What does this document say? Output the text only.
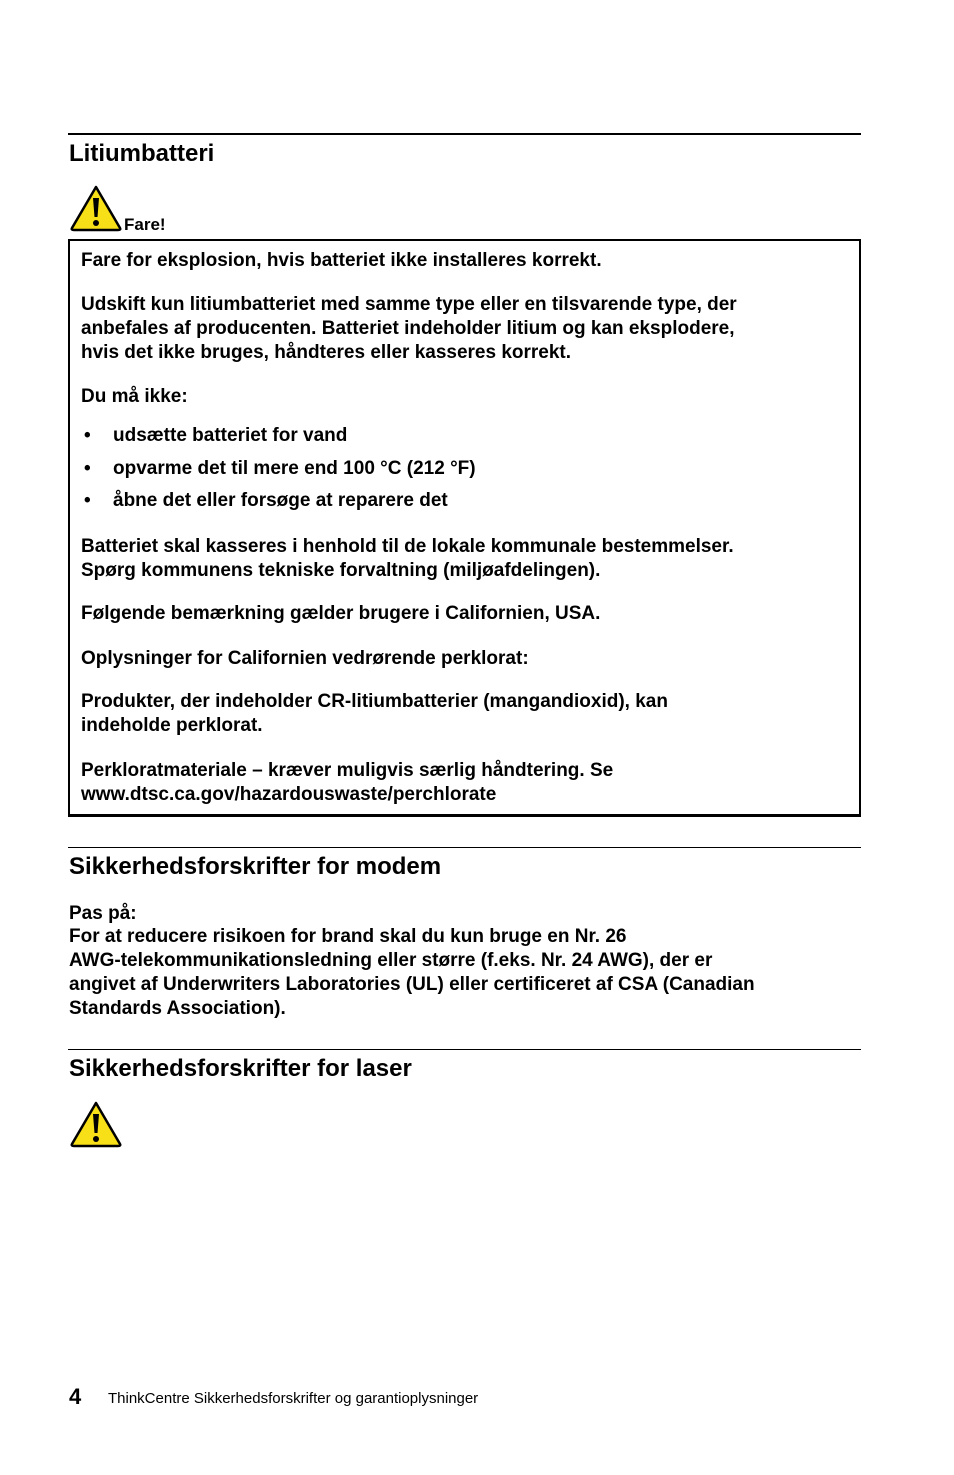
Litiumbatteri
Fare!

Fare for eksplosion, hvis batteriet ikke installeres korrekt.

Udskift kun litiumbatteriet med samme type eller en tilsvarende type, der

anbefales af producenten. Batteriet indeholder litium og kan eksplodere,

hvis det ikke bruges, håndteres eller kasseres korrekt.

Du må ikke:

• udsætte batteriet for vand

• opvarme det til mere end 100 °C (212 °F)

• åbne det eller forsøge at reparere det

Batteriet skal kasseres i henhold til de lokale kommunale bestemmelser.

Spørg kommunens tekniske forvaltning (miljøafdelingen).

Følgende bemærkning gælder brugere i Californien, USA.

Oplysninger for Californien vedrørende perklorat:

Produkter, der indeholder CR-litiumbatterier (mangandioxid), kan

indeholde perklorat.

Perkloratmateriale – kræver muligvis særlig håndtering. Se

www.dtsc.ca.gov/hazardouswaste/perchlorate

Sikkerhedsforskrifter for modem

Pas på:

For at reducere risikoen for brand skal du kun bruge en Nr. 26

AWG-telekommunikationsledning eller større (f.eks. Nr. 24 AWG), der er

angivet af Underwriters Laboratories (UL) eller certificeret af CSA (Canadian

Standards Association).

Sikkerhedsforskrifter for laser
4 ThinkCentre Sikkerhedsforskrifter og garantioplysninger
